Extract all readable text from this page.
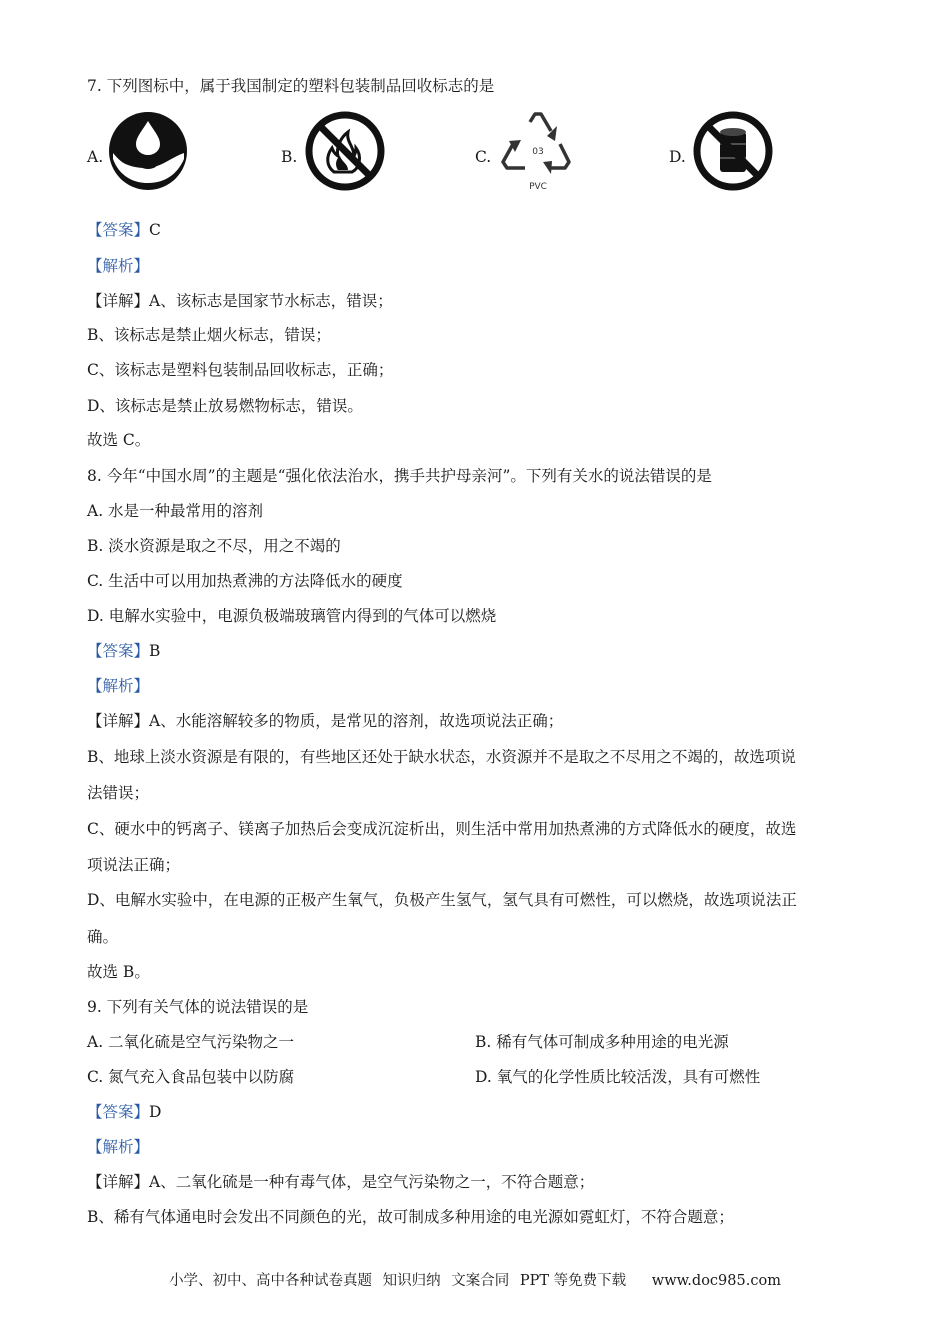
7. 下列图标中，属于我国制定的塑料包装制品回收标志的是
A.	B.	C.	03
PVC
D.
【答案】C
【解析】
【详解】A、该标志是国家节水标志，错误；
B、该标志是禁止烟火标志，错误；
C、该标志是塑料包装制品回收标志，正确；
D、该标志是禁止放易燃物标志，错误。
故选 C。
8. 今年“中国水周”的主题是“强化依法治水，携手共护母亲河”。下列有关水的说法错误的是
A. 水是一种最常用的溶剂
B. 淡水资源是取之不尽，用之不竭的
C. 生活中可以用加热煮沸的方法降低水的硬度
D. 电解水实验中，电源负极端玻璃管内得到的气体可以燃烧
【答案】B
【解析】
【详解】A、水能溶解较多的物质，是常见的溶剂，故选项说法正确；
B、地球上淡水资源是有限的，有些地区还处于缺水状态，水资源并不是取之不尽用之不竭的，故选项说
法错误；
C、硬水中的钙离子、镁离子加热后会变成沉淀析出，则生活中常用加热煮沸的方式降低水的硬度，故选
项说法正确；
D、电解水实验中，在电源的正极产生氧气，负极产生氢气，氢气具有可燃性，可以燃烧，故选项说法正
确。
故选 B。
9. 下列有关气体的说法错误的是
A. 二氧化硫是空气污染物之一	B. 稀有气体可制成多种用途的电光源
C. 氮气充入食品包装中以防腐	D. 氧气的化学性质比较活泼，具有可燃性
【答案】D
【解析】
【详解】A、二氧化硫是一种有毒气体，是空气污染物之一，不符合题意；
B、稀有气体通电时会发出不同颜色的光，故可制成多种用途的电光源如霓虹灯，不符合题意；
小学、初中、高中各种试卷真题 知识归纳 文案合同 PPT 等免费下载 www.doc985.com
